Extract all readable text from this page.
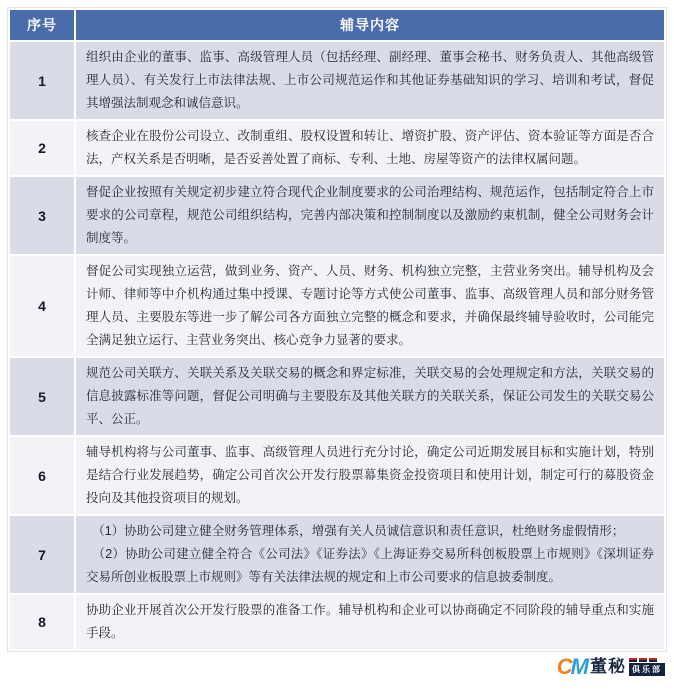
序号	辅导内容
1	组织由企业的董事、监事、高级管理人员（包括经理、副经理、董事会秘书、财务负责人、其他高级管理人员）、有关发行上市法律法规、上市公司规范运作和其他证券基础知识的学习、培训和考试，督促其增强法制观念和诚信意识。
2	核查企业在股份公司设立、改制重组、股权设置和转让、增资扩股、资产评估、资本验证等方面是否合法，产权关系是否明晰，是否妥善处置了商标、专利、土地、房屋等资产的法律权属问题。
3	督促企业按照有关规定初步建立符合现代企业制度要求的公司治理结构、规范运作，包括制定符合上市要求的公司章程，规范公司组织结构，完善内部决策和控制制度以及激励约束机制，健全公司财务会计制度等。
4	督促公司实现独立运营，做到业务、资产、人员、财务、机构独立完整，主营业务突出。辅导机构及会计师、律师等中介机构通过集中授课、专题讨论等方式使公司董事、监事、高级管理人员和部分财务管理人员、主要股东等进一步了解公司各方面独立完整的概念和要求，并确保最终辅导验收时，公司能完全满足独立运行、主营业务突出、核心竞争力显著的要求。
5	规范公司关联方、关联关系及关联交易的概念和界定标准，关联交易的会处理规定和方法，关联交易的信息披露标准等问题，督促公司明确与主要股东及其他关联方的关联关系，保证公司发生的关联交易公平、公正。
6	辅导机构将与公司董事、监事、高级管理人员进行充分讨论，确定公司近期发展目标和实施计划，特别是结合行业发展趋势，确定公司首次公开发行股票幕集资金投资项目和使用计划，制定可行的募股资金投向及其他投资项目的规划。
7	　（1）协助公司建立健全财务管理体系，增强有关人员诚信意识和责任意识，杜绝财务虚假情形；
　（2）协助公司建立健全符合《公司法》《证券法》《上海证券交易所科创板股票上市规则》《深圳证券交易所创业板股票上市规则》等有关法律法规的规定和上市公司要求的信息披委制度。
8	协助企业开展首次公开发行股票的准备工作。辅导机构和企业可以协商确定不同阶段的辅导重点和实施手段。
CM 董秘 俱乐部
